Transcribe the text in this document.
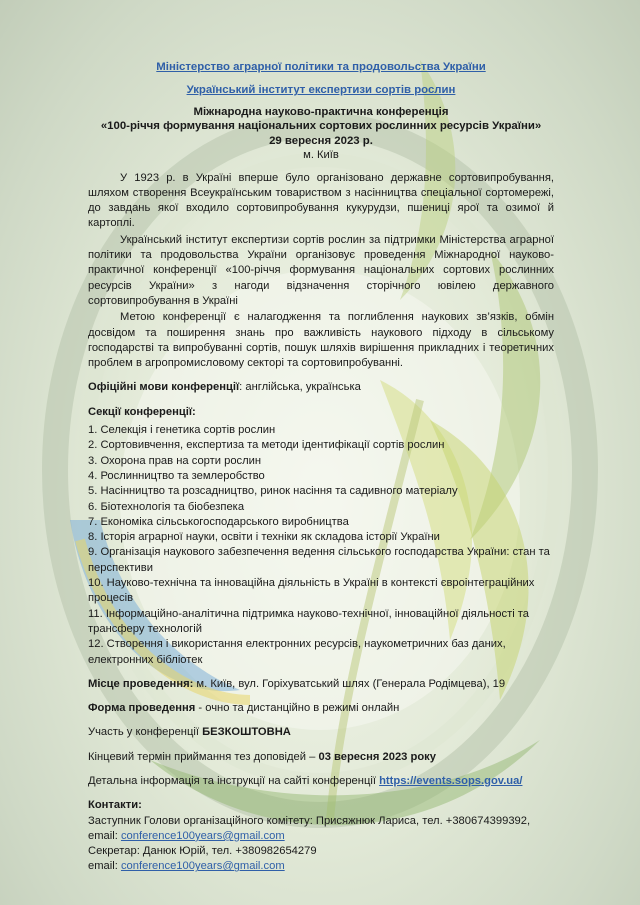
Міністерство аграрної політики та продовольства України
Український інститут експертизи сортів рослин
Міжнародна науково-практична конференція
«100-річчя формування національних сортових рослинних ресурсів України»
29 вересня 2023 р.
м. Київ

У 1923 р. в Україні вперше було організовано державне сортовипробування, шляхом створення Всеукраїнським товариством з насінництва спеціальної сортомережі, до завдань якої входило сортовипробування кукурудзи, пшениці ярої та озимої й картоплі.

Український інститут експертизи сортів рослин за підтримки Міністерства аграрної політики та продовольства України організовує проведення Міжнародної науково-практичної конференції «100-річчя формування національних сортових рослинних ресурсів України» з нагоди відзначення сторічного ювілею державного сортовипробування в Україні

Метою конференції є налагодження та поглиблення наукових зв’язків, обмін досвідом та поширення знань про важливість наукового підходу в сільському господарстві та випробуванні сортів, пошук шляхів вирішення прикладних і теоретичних проблем в агропромисловому секторі та сортовипробуванні.

Офіційні мови конференції: англійська, українська
Секції конференції:
1. Селекція і генетика сортів рослин
2. Сортовивчення, експертиза та методи ідентифікації сортів рослин
3. Охорона прав на сорти рослин
4. Рослинництво та землеробство
5. Насінництво та розсадництво, ринок насіння та садивного матеріалу
6. Біотехнологія та біобезпека
7. Економіка сільськогосподарського виробництва
8. Історія аграрної науки, освіти і техніки як складова історії України
9. Організація наукового забезпечення ведення сільського господарства України: стан та перспективи
10. Науково-технічна та інноваційна діяльність в Україні в контексті євроінтеграційних процесів
11. Інформаційно-аналітична підтримка науково-технічної, інноваційної діяльності та трансферу технологій
12. Створення і використання електронних ресурсів, наукометричних баз даних, електронних бібліотек
Місце проведення: м. Київ, вул. Горіхуватський шлях (Генерала Родімцева), 19
Форма проведення - очно та дистанційно в режимі онлайн
Участь у конференції БЕЗКОШТОВНА
Кінцевий термін приймання тез доповідей – 03 вересня 2023 року
Детальна інформація та інструкції на сайті конференції https://events.sops.gov.ua/
Контакти:
Заступник Голови організаційного комітету: Присяжнюк Лариса, тел. +380674399392,
email: conference100years@gmail.com
Секретар: Данюк Юрій, тел. +380982654279
email: conference100years@gmail.com
